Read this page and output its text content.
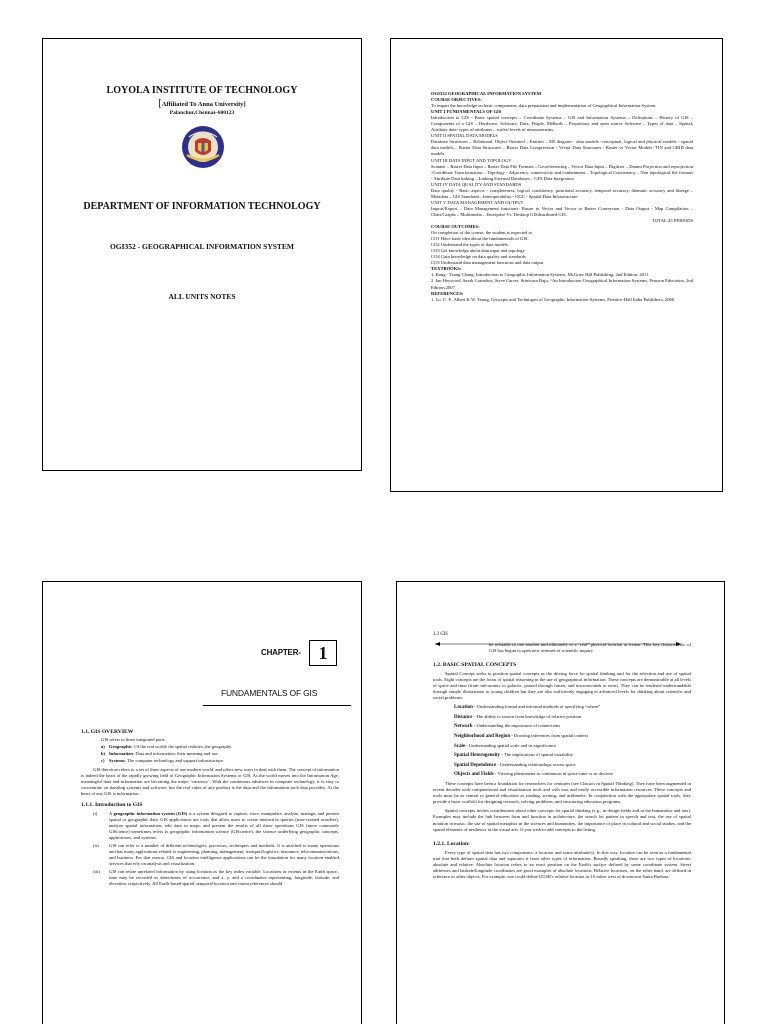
LOYOLA INSTITUTE OF TECHNOLOGY
[Affiliated To Anna University]
Palanchur,Chennai–600123
DEPARTMENT OF INFORMATION TECHNOLOGY
OGI352 - GEOGRAPHICAL INFORMATION SYSTEM
ALL UNITS NOTES
OGI352 GEOGRAPHICAL INFORMATION SYSTEM
COURSE OBJECTIVES:
To impart the knowledge on basic components, data preparation and implementation of Geographical Information System.
UNIT I FUNDAMENTALS OF GIS
Introduction to GIS - Basic spatial concepts – Coordinate Systems – GIS and Information Systems – Definitions – History of GIS – Components of a GIS – Hardware, Software, Data, People, Methods – Proprietary and open source Software – Types of data – Spatial, Attribute data- types of attributes – scales/ levels of measurements.
UNIT II SPATIAL DATA MODELS
Database Structures – Relational, Object Oriented – Entities – ER diagram - data models -conceptual, logical and physical models - spatial data models – Raster Data Structures – Raster Data Compression - Vector Data Structures - Raster vs Vector Models- TIN and GRID data models.
UNIT III DATA INPUT AND TOPOLOGY
Scanner – Raster Data Input – Raster Data File Formats – Georeferencing – Vector Data Input – Digitiser – Datum Projection and reprojection -Coordinate Transformation – Topology - Adjacency, connectivity and containment – Topological Consistency – Non topological file formats - Attribute Data linking – Linking External Databases – GPS Data Integration
UNIT IV DATA QUALITY AND STANDARDS
Data quality - Basic aspects - completeness, logical consistency, positional accuracy, temporal accuracy, thematic accuracy and lineage – Metadata – GIS Standards –Interoperability - OGC - Spatial Data Infrastructure
UNIT V DATA MANAGEMENT AND OUTPUT
Import/Export – Data Management functions- Raster to Vector and Vector to Raster Conversion - Data Output - Map Compilation – Chart/Graphs – Multimedia – Enterprise Vs. Desktop GISdistributed GIS.
TOTAL:45 PERIODS
COURSE OUTCOMES:
On completion of the course, the student is expected to
CO1 Have basic idea about the fundamentals of GIS.
CO2 Understand the types of data models.
CO3 Get knowledge about data input and topology
CO4 Gain knowledge on data quality and standards
CO5 Understand data management functions and data output
TEXTBOOKS:
1. Kang - Tsung Chang, Introduction to Geographic Information Systems, McGraw Hill Publishing, 2nd Edition, 2011.
2. Ian Heywood, Sarah Cornelius, Steve Carver, Srinivasa Raju, “An Introduction Geographical Information Systems, Pearson Education, 2nd Edition,2007.
REFERENCES:
1. Lo. C. P., Albert K.W. Yeung, Concepts and Techniques of Geographic Information Systems, Prentice-Hall India Publishers, 2006
CHAPTER- 1
FUNDAMENTALS OF GIS
1.1. GIS OVERVIEW
GIS refers to three integrated parts.
a) Geographic: Of the real world; the spatial realities, the geography.
b) Information: Data and information; their meaning and use.
c) Systems: The computer technology and support infrastructure.
GIS therefore refers to a set of three aspects of our modern world, and offers new ways to deal with them. The concept of information is indeed the heart of the rapidly growing field of Geographic Information Systems or GIS. As the world moves into the Information Age, meaningful data and information are becoming the major ‘currency’. With the continuous advances in computer technology, it is easy to concentrate on dazzling systems and software, but the real value of any product is the data and the information such data provides. At the heart of any GIS is information.
1.1.1. Introduction to GIS
(i)	A geographic information system (GIS) is a system designed to capture, store, manipulate, analyze, manage, and present spatial or geographic data. GIS applications are tools that allow users to create interactive queries (user-created searches), analyze spatial information, edit data in maps, and present the results of all these operations GIS (more commonly GIScience) sometimes refers to geographic information science (GIScience), the science underlying geographic concepts, applications, and systems.
(ii)	GIS can refer to a number of different technologies, processes, techniques and methods. It is attached to many operations and has many applications related to engineering, planning, management, transport/logistics, insurance, telecommunications, and business. For that reason, GIS and location intelligence applications can be the foundation for many location-enabled services that rely on analysis and visualization.
(iii)	GIS can relate unrelated information by using location as the key index variable. Locations or extents in the Earth space–time may be recorded as dates/times of occurrence, and x, y, and z coordinates representing, longitude, latitude, and elevation, respectively. All Earth-based spatial–temporal location and extent references should
1.2 GIS
be relatable to one another and ultimately to a “real” physical location or extent. This key characteristic of GIS has begun to open new avenues of scientific inquiry.
1.2. BASIC SPATIAL CONCEPTS
Spatial Concept seeks to position spatial concepts as the driving force for spatial thinking and for the selection and use of spatial tools. Eight concepts are the focus of spatial reasoning in the use of geographical information. These concepts are demonstrable at all levels of space and time (from sub-atomic to galactic, passed through future, and microseconds to eons). They can be rendered understandable through simple illustrations to young children but they are also sufficiently engaging at advanced levels for thinking about scientific and social problems.
Location - Understanding formal and informal methods of specifying “where”
Distance - The ability to reason from knowledge of relative position
Network - Understanding the importance of connections
Neighborhood and Region - Drawing inferences from spatial context
Scale - Understanding spatial scale and its significance
Spatial Heterogeneity - The implications of spatial variability
Spatial Dependence - Understanding relationships across space
Objects and Fields - Viewing phenomena as continuous in space-time or as discrete
These concepts have been a foundation for researchers for centuries (see Classics in Spatial Thinking). They have been augmented in recent decades with computational and visualization tools and with vast and easily accessible information resources. These concepts and tools must be as central to general education as reading, writing, and arithmetic. In conjunction with the appropriate spatial tools, they provide a basic scaffold for designing research, solving problems, and structuring education programs.
Spatial concepts invites contributions about other concepts for spatial thinking (e.g., in design fields and in the humanities and arts). Examples may include the link between form and function in architecture, the search for pattern in speech and text, the use of spatial notation in music, the use of spatial metaphor in the sciences and humanities, the importance of place in cultural and social studies, and the spatial elements of aesthetics in the visual arts. If you wish to add concepts to the listing.
1.2.1. Location:
Every type of spatial data has two components: a location and some attribute(s). In this way, location can be seen as a fundamental trait that both defines spatial data and separates it from other types of information. Broadly speaking, there are two types of locations: absolute and relative. Absolute location refers to an exact position on the Earth's surface defined by some coordinate system. Street addresses and latitude/longitude coordinates are good examples of absolute locations. Relative locations, on the other hand, are defined in reference to other objects. For example, one could define UCSB's relative location as 10 miles west of downtown Santa Barbara.
